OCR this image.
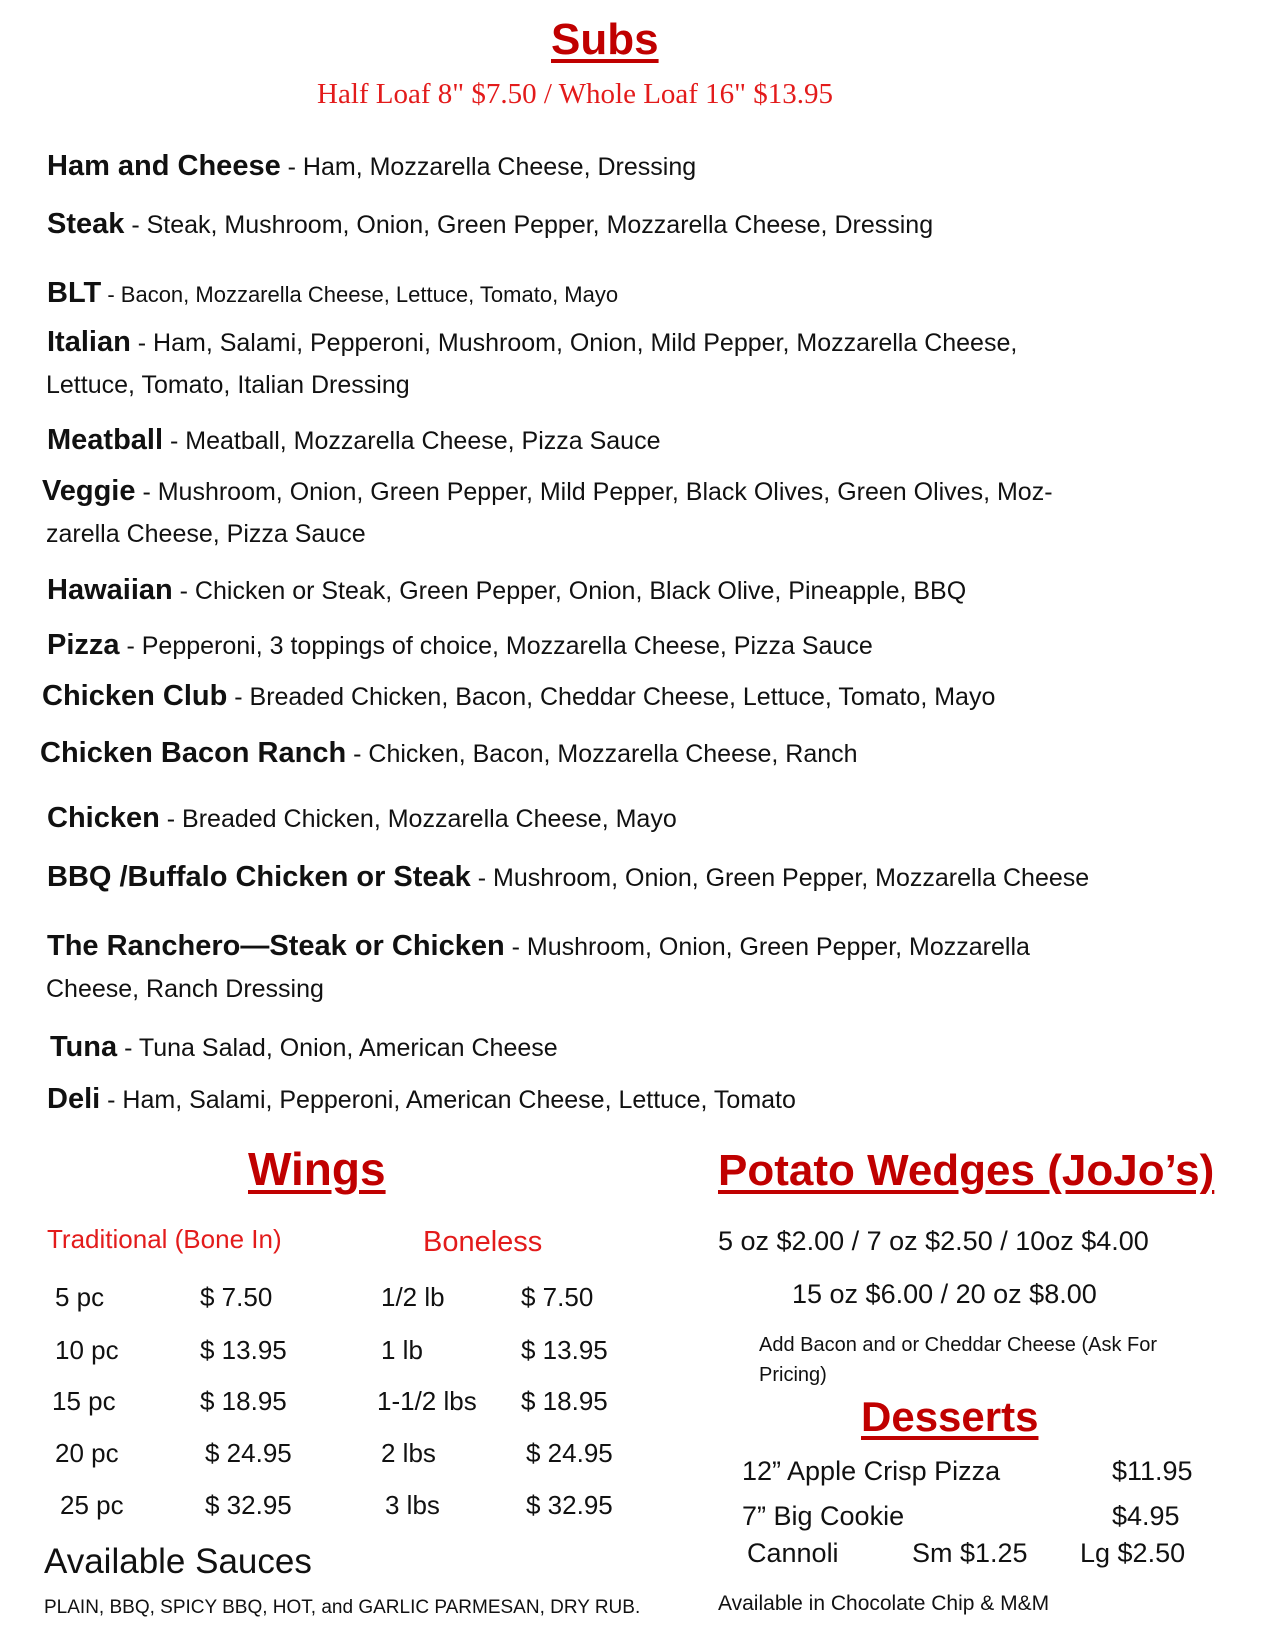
Subs
Half Loaf 8" $7.50 / Whole Loaf 16" $13.95
Ham and Cheese - Ham, Mozzarella Cheese, Dressing
Steak - Steak, Mushroom, Onion, Green Pepper, Mozzarella Cheese, Dressing
BLT - Bacon, Mozzarella Cheese, Lettuce, Tomato, Mayo
Italian - Ham, Salami, Pepperoni, Mushroom, Onion, Mild Pepper, Mozzarella Cheese,
Lettuce, Tomato, Italian Dressing
Meatball - Meatball, Mozzarella Cheese, Pizza Sauce
Veggie - Mushroom, Onion, Green Pepper, Mild Pepper, Black Olives, Green Olives, Moz-
zarella Cheese, Pizza Sauce
Hawaiian - Chicken or Steak, Green Pepper, Onion, Black Olive, Pineapple, BBQ
Pizza - Pepperoni, 3 toppings of choice, Mozzarella Cheese, Pizza Sauce
Chicken Club - Breaded Chicken, Bacon, Cheddar Cheese, Lettuce, Tomato, Mayo
Chicken Bacon Ranch - Chicken, Bacon, Mozzarella Cheese, Ranch
Chicken - Breaded Chicken, Mozzarella Cheese, Mayo
BBQ /Buffalo Chicken or Steak - Mushroom, Onion, Green Pepper, Mozzarella Cheese
The Ranchero—Steak or Chicken - Mushroom, Onion, Green Pepper, Mozzarella
Cheese, Ranch Dressing
Tuna - Tuna Salad, Onion, American Cheese
Deli - Ham, Salami, Pepperoni, American Cheese, Lettuce, Tomato
Wings
Traditional (Bone In)	Boneless
5 pc	$ 7.50	1/2 lb	$ 7.50
10 pc	$ 13.95	1 lb	$ 13.95
15 pc	$ 18.95	1-1/2 lbs $ 18.95
20 pc	$ 24.95	2 lbs	$ 24.95
25 pc	$ 32.95	3 lbs	$ 32.95
Available Sauces
PLAIN, BBQ, SPICY BBQ, HOT, and GARLIC PARMESAN, DRY RUB.
Potato Wedges (JoJo’s)
5 oz $2.00 / 7 oz $2.50 / 10oz $4.00
15 oz $6.00 / 20 oz $8.00
Add Bacon and or Cheddar Cheese (Ask For
Pricing)
Desserts
12” Apple Crisp Pizza	$11.95
7” Big Cookie	$4.95
Cannoli	Sm $1.25 Lg $2.50
Available in Chocolate Chip & M&M
